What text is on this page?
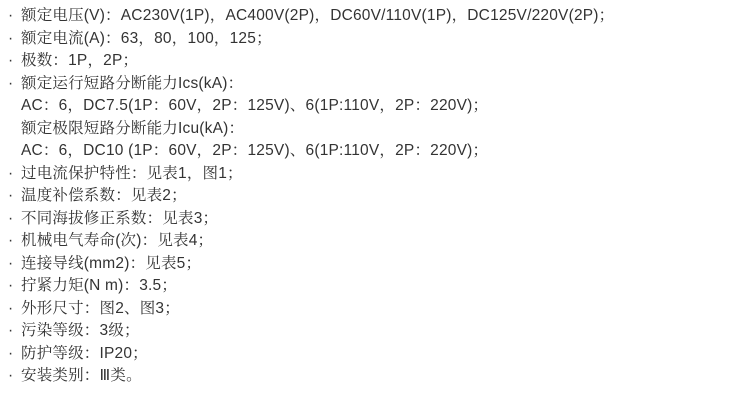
· 额定电压(V)：AC230V(1P)，AC400V(2P)，DC60V/110V(1P)，DC125V/220V(2P)；
· 额定电流(A)：63，80，100，125；
· 极数：1P，2P；
· 额定运行短路分断能力Ics(kA)：
AC：6，DC7.5(1P：60V，2P：125V)、6(1P:110V，2P：220V)；
额定极限短路分断能力Icu(kA)：
AC：6，DC10 (1P：60V，2P：125V)、6(1P:110V，2P：220V)；
· 过电流保护特性：见表1，图1；
· 温度补偿系数：见表2；
· 不同海拔修正系数：见表3；
· 机械电气寿命(次)：见表4；
· 连接导线(mm2)：见表5；
· 拧紧力矩(N m)：3.5；
· 外形尺寸：图2、图3；
· 污染等级：3级；
· 防护等级：IP20；
· 安装类别：Ⅲ类。
